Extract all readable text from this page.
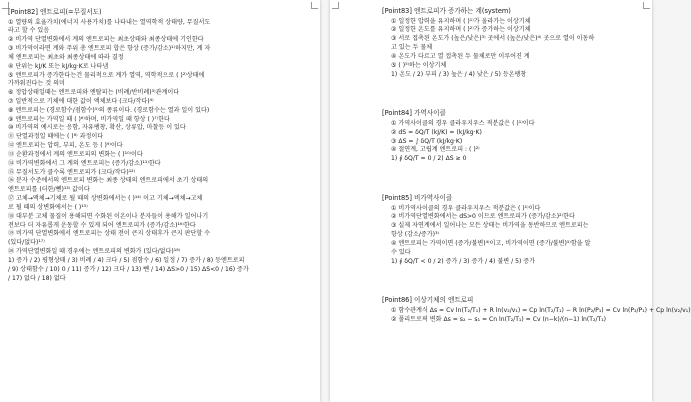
[Point82] 엔트로피(=무질서도)
① 열량의 효율가치(에너지 사용가치)를 나타내는 열역학적 상태량, 무질서도
라고 할 수 있음
② 비가역 단열변화에서 계의 엔트로피는 최초상태와 최종상태에 기인한다
③ 비가역이라면 계와 주위 총 엔트로피 합은 항상 (증가/감소)¹⁾하지만, 계 자
체 엔트로피는 최초와 최종상태에 따라 결정
④ 단위는 kJ/K 또는 kJ/kg·K로 나타냄
⑤ 엔트로피가 증가한다는건 물리적으로 계가 열역, 역학적으로 ( )²⁾상태에
가까워진다는 것 의미
⑥ 정압상태일때는 엔트로피와 엔탈피는 (비례/반비례)³⁾관계이다
⑦ 일반적으로 기체에 대한 값이 액체보다 (크다/작다)⁴⁾
⑧ 엔트로피는 (경로함수/점함수)⁵⁾의 종류이다. (경로함수는 열과 일이 있다)
⑨ 엔트로피는 가역일 때 ( )⁶⁾하며, 비가역일 때 항상 ( )⁷⁾한다
⑩ 비가역의 예시로는 응함, 자유팽창, 확산, 상류압, 마찰등 이 있다
⑪ 단열과정일 때에는 ( )⁸⁾ 과정이다
⑫ 엔트로피는 압력, 부피, 온도 등 ( )⁹⁾이다
⑬ 순환과정에서 계의 엔트로피의 변화는 ( )¹⁰⁾이다
⑭ 비가역변화에서 그 계의 엔트로피는 (증가/감소)¹¹⁾한다
⑮ 무질서도가 클수록 엔트로피가 (크다/작다)¹²⁾
⑯ 분자 수준에서의 엔트로피 변화는 최종 상태의 엔트로피에서 초기 상태의
엔트로피를 (더한/뺀)¹³⁾ 값이다
⑰ 고체→액체→기체로 될 때의 상변화에서는 ( )¹⁴⁾ 이고 기체→액체→고체
로 될 때의 상변화에서는 ( )¹⁵⁾
⑱ 대부분 고체 물질이 용해되면 수화된 이온이나 분자들이 용해가 일어나기
전보다 더 자유롭게 운동할 수 있게 되어 엔트로피가 (증가/감소)¹⁶⁾한다
⑲ 비가역 단열변화에서 엔트로피는 상태 전이 큰지 상태후가 큰지 판단할 수
(있다/없다)¹⁷⁾
⑳ 가역단열변화일 때 경우에는 엔트로피의 변화가 (있다/없다)¹⁸⁾
1) 증가 / 2) 평형상태 / 3) 비례 / 4) 크다 / 5) 점함수 / 6) 일정 / 7) 증가 / 8) 등엔트로피
/ 9) 상태함수 / 10) 0 / 11) 증가 / 12) 크다 / 13) 뺀 / 14) ΔS>0 / 15) ΔS<0 / 16) 증가
/ 17) 없다 / 18) 없다
[Point83] 엔트로피가 증가하는 계(system)
① 일정한 압력을 유지하며 ( )¹⁾가 올라가는 이상기체
② 일정한 온도를 유지하며 ( )²⁾가 증가하는 이상기체
③ 서로 접촉된 온도가 (높은/낮은)³⁾ 곳에서 (높은/낮은)⁴⁾ 곳으로 열이 이동하
고 있는 두 물체
④ 온도가 다르고 열 접촉된 두 물체로만 이루어진 계
⑤ ( )⁵⁾하는 이상기체
1) 온도 / 2) 부피 / 3) 높은 / 4) 낮은 / 5) 등온팽창
[Point84] 가역사이클
① 가역사이클의 경우 클라우지우스 적분값은 ( )¹⁾이다
② dS = δQ/T (kJ/K) = (kJ/kg·K)
③ ΔS = ∫ δQ/T (kJ/kg·K)
④ 절연계, 고립계 엔트로피 : ( )²⁾
1) ∮ δQ/T = 0 / 2) ΔS ≥ 0
[Point85] 비가역사이클
① 비가역사이클의 경우 클라우지우스 적분값은 ( )¹⁾이다
② 비가역단열변화에서는 dS>0 이므로 엔트로피가 (증가/감소)²⁾한다
③ 실제 자연계에서 일어나는 모든 상태는 비가역을 동반하므로 엔트로피는
항상 (감소/증가)³⁾
④ 엔트로피는 가역이면 (증가/불변)⁴⁾이고, 비가역이면 (증가/불변)⁵⁾함을 알
수 있다
1) ∮ δQ/T < 0 / 2) 증가 / 3) 증가 / 4) 불변 / 5) 증가
[Point86] 이상기체의 엔트로피
① 함수관계식 Δs = Cv ln(T₂/T₁) + R ln(v₂/v₁) = Cp ln(T₂/T₁) − R ln(P₂/P₁) = Cv ln(P₂/P₁) + Cp ln(v₂/v₁)
② 폴리트로픽 변화 Δs = s₂ − s₁ = Cn ln(T₂/T₁) = Cv (n−k)/(n−1) ln(T₂/T₁)
